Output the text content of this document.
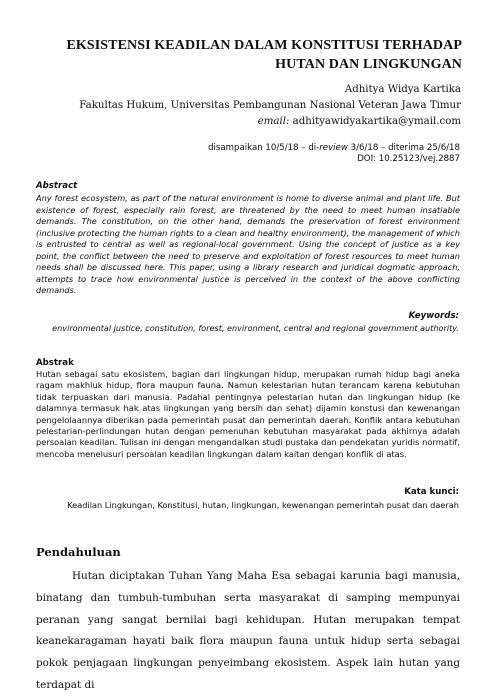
EKSISTENSI KEADILAN DALAM KONSTITUSI TERHADAP HUTAN DAN LINGKUNGAN
Adhitya Widya Kartika
Fakultas Hukum, Universitas Pembangunan Nasional Veteran Jawa Timur
email: adhityawidyakartika@ymail.com
disampaikan 10/5/18 – di-review 3/6/18 – diterima 25/6/18
DOI: 10.25123/vej.2887
Abstract
Any forest ecosystem, as part of the natural environment is home to diverse animal and plant life. But existence of forest, especially rain forest, are threatened by the need to meet human insatiable demands. The constitution, on the other hand, demands the preservation of forest environment (inclusive protecting the human rights to a clean and healthy environment), the management of which is entrusted to central as well as regional-local government. Using the concept of justice as a key point, the conflict between the need to preserve and exploitation of forest resources to meet human needs shall be discussed here. This paper, using a library research and juridical dogmatic approach, attempts to trace how environmental justice is perceived in the context of the above conflicting demands.
Keywords:
environmental justice, constitution, forest, environment, central and regional government authority.
Abstrak
Hutan sebagai satu ekosistem, bagian dari lingkungan hidup, merupakan rumah hidup bagi aneka ragam makhluk hidup, flora maupun fauna. Namun kelestarian hutan terancam karena kebutuhan tidak terpuaskan dari manusia. Padahal pentingnya pelestarian hutan dan lingkungan hidup (ke dalamnya termasuk hak atas lingkungan yang bersih dan sehat) dijamin konstusi dan kewenangan pengelolaannya diberikan pada pemerintah pusat dan pemerintah daerah. Konflik antara kebutuhan pelestarian-perlindungan hutan dengan pemenuhan kebutuhan masyarakat pada akhirnya adalah persoalan keadilan. Tulisan ini dengan mengandalkan studi pustaka dan pendekatan yuridis normatif, mencoba menelusuri persoalan keadilan lingkungan dalam kaitan dengan konflik di atas.
Kata kunci:
Keadilan Lingkungan, Konstitusi, hutan, lingkungan, kewenangan pemerintah pusat dan daerah
Pendahuluan
Hutan diciptakan Tuhan Yang Maha Esa sebagai karunia bagi manusia, binatang dan tumbuh-tumbuhan serta masyarakat di samping mempunyai peranan yang sangat bernilai bagi kehidupan. Hutan merupakan tempat keanekaragaman hayati baik flora maupun fauna untuk hidup serta sebagai pokok penjagaan lingkungan penyeimbang ekosistem. Aspek lain hutan yang terdapat di
